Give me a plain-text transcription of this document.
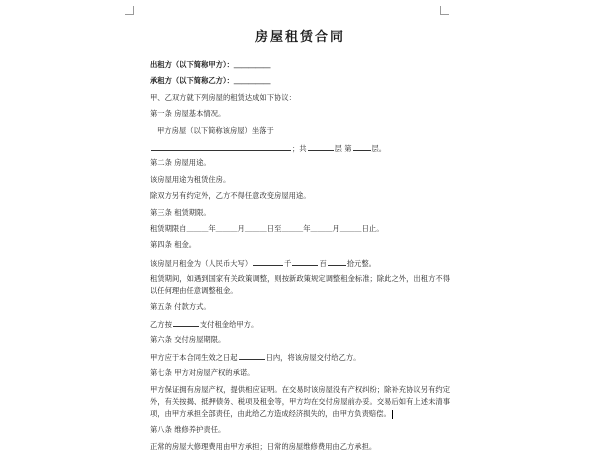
房屋租赁合同
出租方（以下简称甲方）：＿＿＿＿＿
承租方（以下简称乙方）：＿＿＿＿＿
甲、乙双方就下列房屋的租赁达成如下协议：
第一条 房屋基本情况。
甲方房屋（以下简称该房屋）坐落于
；共	层 第	层。
第二条 房屋用途。
该房屋用途为租赁住房。
除双方另有约定外，乙方不得任意改变房屋用途。
第三条 租赁期限。
租赁期限自＿＿＿年＿＿＿月＿＿＿日至＿＿＿年＿＿＿月＿＿＿日止。
第四条 租金。
该房屋月租金为（人民币大写）	千	百	拾元整。
租赁期间，如遇到国家有关政策调整，则按新政策规定调整租金标准；除此之外，出租方不得以任何理由任意调整租金。
第五条 付款方式。
乙方按	支付租金给甲方。
第六条 交付房屋期限。
甲方应于本合同生效之日起	日内，将该房屋交付给乙方。
第七条 甲方对房屋产权的承诺。
甲方保证拥有房屋产权，提供相应证明。在交易时该房屋没有产权纠纷；除补充协议另有约定外，有关按揭、抵押债务、税项及租金等，甲方均在交付房屋前办妥。交易后如有上述未清事项，由甲方承担全部责任，由此给乙方造成经济损失的，由甲方负责赔偿。
第八条 维修养护责任。
正常的房屋大修理费用由甲方承担；日常的房屋维修费用由乙方承担。
